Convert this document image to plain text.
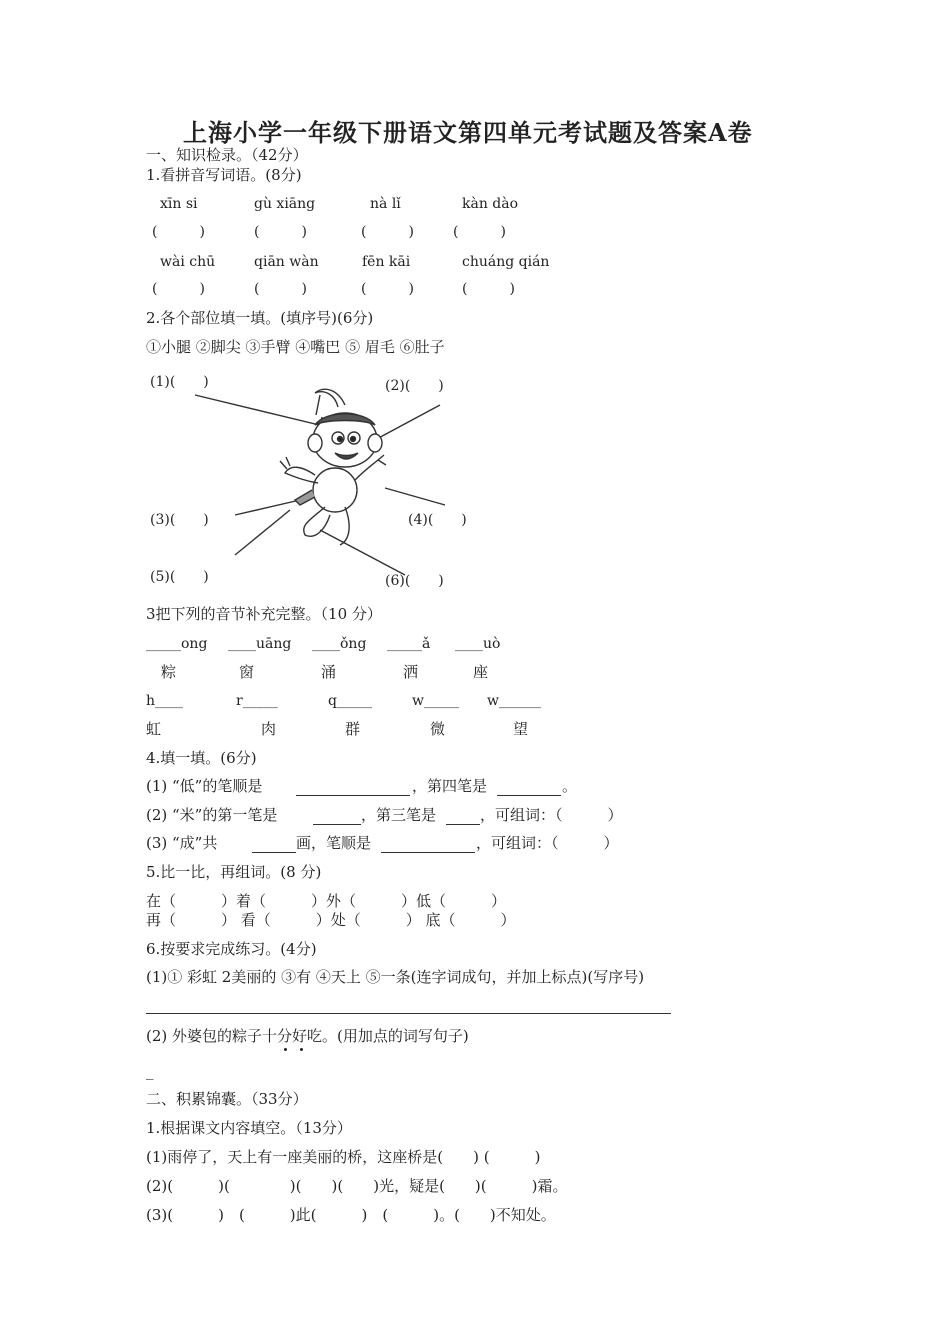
上海小学一年级下册语文第四单元考试题及答案A卷
一、知识检录。（42分）
1.看拼音写词语。(8分)
xīn si	gù xiāng	nà lǐ	kàn dào
(　　　)	(　　　)	(　　　)	(　　　)
wài chū	qiān wàn	fēn kāi	chuáng qián
(　　　)	(　　　)	(　　　)	(　　　)
2.各个部位填一填。(填序号)(6分)
①小腿 ②脚尖 ③手臂 ④嘴巴 ⑤ 眉毛 ⑥肚子
(1)(　　)	(2)(　　)
(3)(　　)	(4)(　　)
(5)(　　)	(6)(　　)
3把下列的音节补充完整。（10 分）
_____ong ____uāng ____ǒng _____ǎ ____uò
粽	窗	涌	洒	座
h____	r_____	q_____	w_____ w______
虹	肉	群	微	望
4.填一填。(6分)
(1) “低”的笔顺是	，第四笔是	。
(2) “米”的第一笔是	，第三笔是	，可组词：（　　　）
(3) “成”共	画，笔顺是	，可组词：（　　　）
5.比一比，再组词。(8 分)
在（　　　）着（　　　）外（　　　）低（　　　）
再（　　　） 看（　　　）处（　　　） 底（　　　）
6.按要求完成练习。(4分)
(1)① 彩虹 2美丽的 ③有 ④天上 ⑤一条(连字词成句，并加上标点)(写序号)
(2) 外婆包的粽子十分好吃。(用加点的词写句子)
_
二、积累锦囊。（33分）
1.根据课文内容填空。（13分）
(1)雨停了，天上有一座美丽的桥，这座桥是(　　) (　　　)
(2)(　　　)(　　　　)(　　)(　　)光，疑是(　　)(　　　)霜。
(3)(　　　)　(　　　)此(　　　)　(　　　)。(　　)不知处。
